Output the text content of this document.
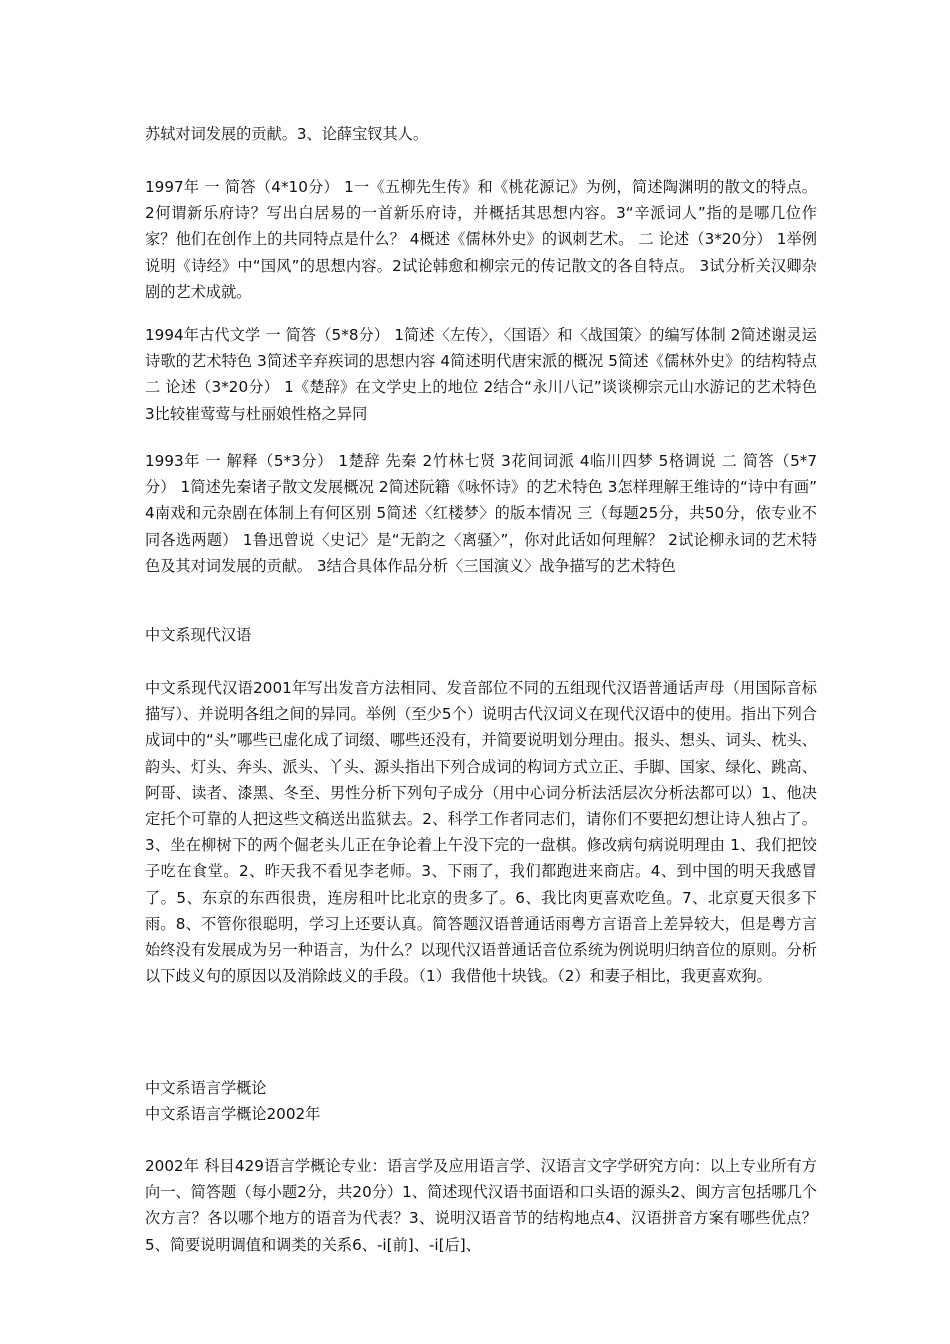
苏轼对词发展的贡献。3、论薛宝钗其人。

1997年 一 简答（4*10分） 1一《五柳先生传》和《桃花源记》为例，简述陶渊明的散文的特点。 2何谓新乐府诗？写出白居易的一首新乐府诗，并概括其思想内容。3“辛派词人”指的是哪几位作家？他们在创作上的共同特点是什么？ 4概述《儒林外史》的讽刺艺术。 二 论述（3*20分） 1举例说明《诗经》中“国风”的思想内容。2试论韩愈和柳宗元的传记散文的各自特点。 3试分析关汉卿杂剧的艺术成就。

1994年古代文学 一 简答（5*8分） 1简述〈左传〉，〈国语〉和〈战国策〉的编写体制 2简述谢灵运诗歌的艺术特色 3简述辛弃疾词的思想内容 4简述明代唐宋派的概况 5简述《儒林外史》的结构特点 二 论述（3*20分） 1《楚辞》在文学史上的地位 2结合“永川八记”谈谈柳宗元山水游记的艺术特色 3比较崔莺莺与杜丽娘性格之异同

1993年 一 解释（5*3分） 1楚辞 先秦 2竹林七贤 3花间词派 4临川四梦 5格调说 二 简答（5*7分） 1简述先秦诸子散文发展概况 2简述阮籍《咏怀诗》的艺术特色 3怎样理解王维诗的“诗中有画” 4南戏和元杂剧在体制上有何区别 5简述〈红楼梦〉的版本情况 三（每题25分，共50分，依专业不同各选两题） 1鲁迅曾说〈史记〉是“无韵之〈离骚〉”，你对此话如何理解？ 2试论柳永词的艺术特色及其对词发展的贡献。 3结合具体作品分析〈三国演义〉战争描写的艺术特色

中文系现代汉语

中文系现代汉语2001年写出发音方法相同、发音部位不同的五组现代汉语普通话声母（用国际音标描写）、并说明各组之间的异同。举例（至少5个）说明古代汉词义在现代汉语中的使用。指出下列合成词中的“头”哪些已虚化成了词缀、哪些还没有，并简要说明划分理由。报头、想头、词头、枕头、韵头、灯头、奔头、派头、丫头、源头指出下列合成词的构词方式立正、手脚、国家、绿化、跳高、阿哥、读者、漆黑、冬至、男性分析下列句子成分（用中心词分析法活层次分析法都可以）1、他决定托个可靠的人把这些文稿送出监狱去。2、科学工作者同志们，请你们不要把幻想让诗人独占了。3、坐在柳树下的两个倔老头儿正在争论着上午没下完的一盘棋。修改病句病说明理由 1、我们把饺子吃在食堂。2、昨天我不看见李老师。3、下雨了，我们都跑进来商店。4、到中国的明天我感冒了。5、东京的东西很贵，连房租叶比北京的贵多了。6、我比肉更喜欢吃鱼。7、北京夏天很多下雨。8、不管你很聪明，学习上还要认真。简答题汉语普通话雨粤方言语音上差异较大，但是粤方言始终没有发展成为另一种语言，为什么？以现代汉语普通话音位系统为例说明归纳音位的原则。分析以下歧义句的原因以及消除歧义的手段。（1）我借他十块钱。（2）和妻子相比，我更喜欢狗。

中文系语言学概论

中文系语言学概论2002年

2002年 科目429语言学概论专业：语言学及应用语言学、汉语言文字学研究方向：以上专业所有方向一、简答题（每小题2分，共20分）1、简述现代汉语书面语和口头语的源头2、闽方言包括哪几个次方言？各以哪个地方的语音为代表？3、说明汉语音节的结构地点4、汉语拼音方案有哪些优点？5、简要说明调值和调类的关系6、-i[前]、-i[后]、
